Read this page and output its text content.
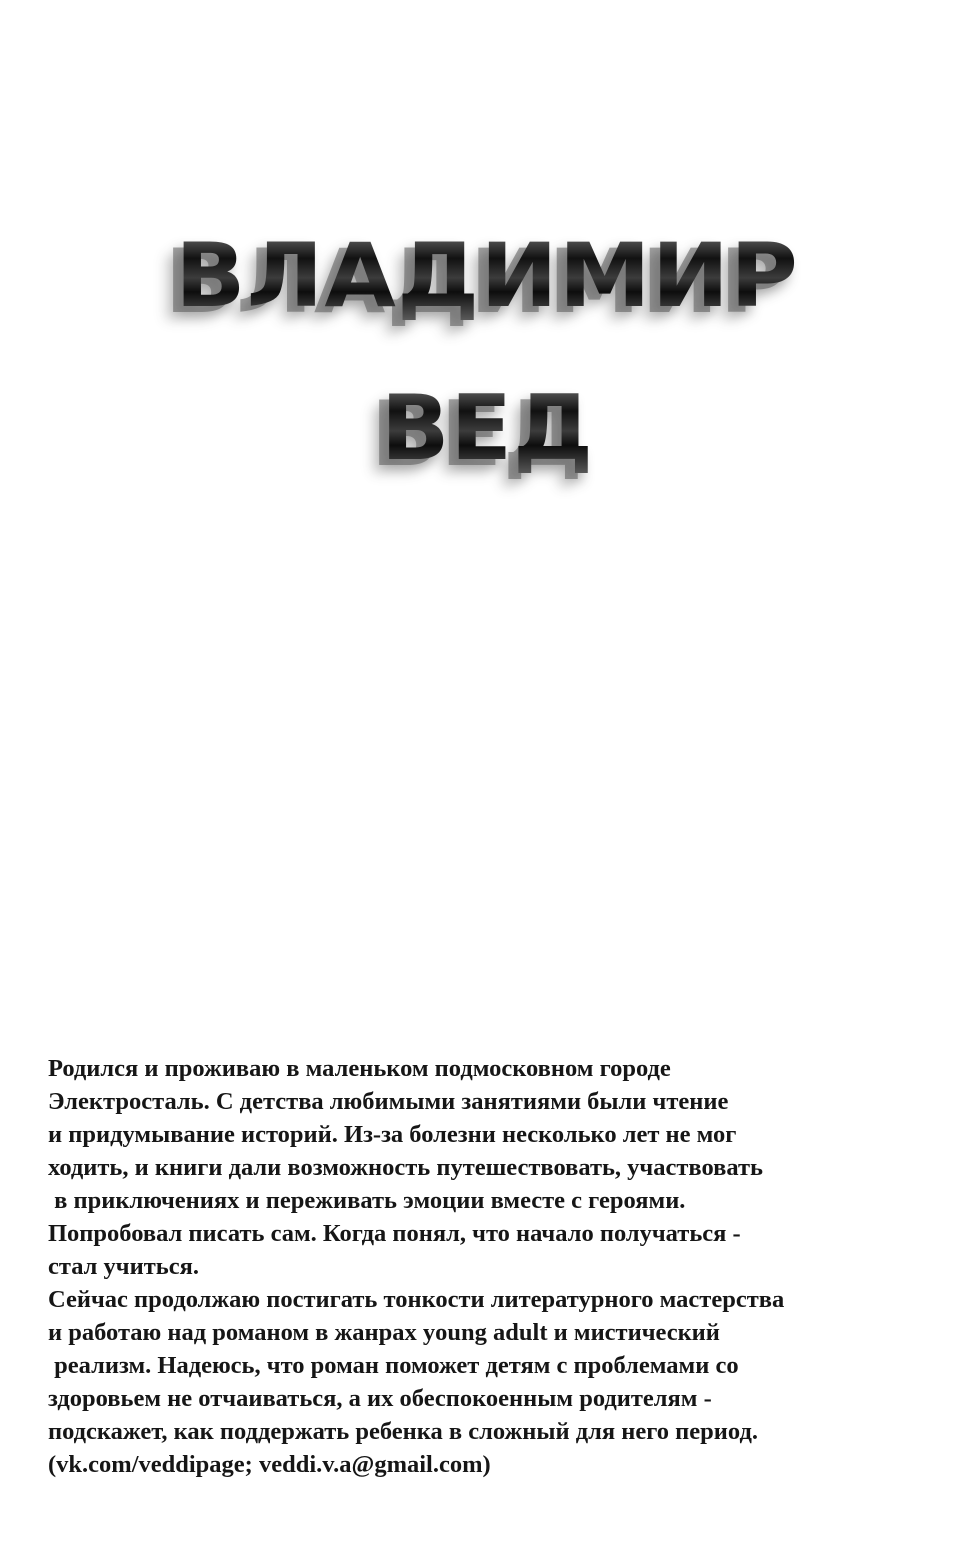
ВЛАДИМИР
ВЕД
Родился и проживаю в маленьком подмосковном городе
Электросталь. С детства любимыми занятиями были чтение
и придумывание историй. Из-за болезни несколько лет не мог
ходить, и книги дали возможность путешествовать, участвовать
в приключениях и переживать эмоции вместе с героями.
Попробовал писать сам. Когда понял, что начало получаться -
стал учиться.
Сейчас продолжаю постигать тонкости литературного мастерства
и работаю над романом в жанрах young adult и мистический
реализм. Надеюсь, что роман поможет детям с проблемами со
здоровьем не отчаиваться, а их обеспокоенным родителям -
подскажет, как поддержать ребенка в сложный для него период.
(vk.com/veddipage; veddi.v.a@gmail.com)
